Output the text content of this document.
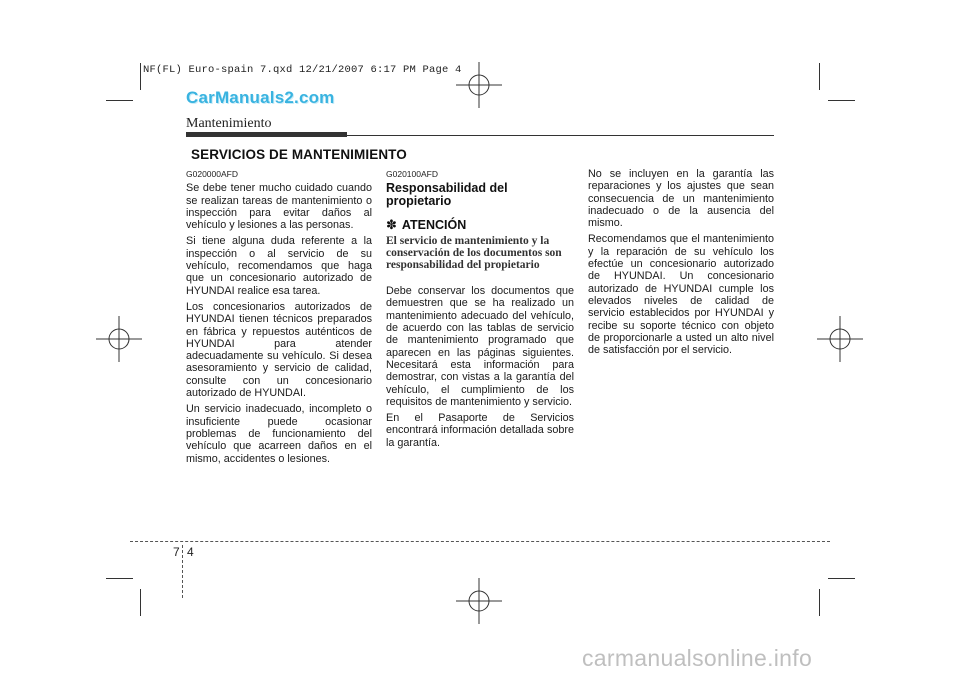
NF(FL) Euro-spain 7.qxd 12/21/2007 6:17 PM Page 4
CarManuals2.com
Mantenimiento
SERVICIOS DE MANTENIMIENTO
G020000AFD

Se debe tener mucho cuidado cuando se realizan tareas de mantenimiento o inspección para evitar daños al vehículo y lesiones a las personas.

Si tiene alguna duda referente a la inspección o al servicio de su vehículo, recomendamos que haga que un concesionario autorizado de HYUNDAI realice esa tarea.

Los concesionarios autorizados de HYUNDAI tienen técnicos preparados en fábrica y repuestos auténticos de HYUNDAI para atender adecuadamente su vehículo. Si desea asesoramiento y servicio de calidad, consulte con un concesionario autorizado de HYUNDAI.

Un servicio inadecuado, incompleto o insuficiente puede ocasionar problemas de funcionamiento del vehículo que acarreen daños en el mismo, accidentes o lesiones.

G020100AFD
Responsabilidad del propietario
✽ ATENCIÓN
El servicio de mantenimiento y la conservación de los documentos son responsabilidad del propietario

Debe conservar los documentos que demuestren que se ha realizado un mantenimiento adecuado del vehículo, de acuerdo con las tablas de servicio de mantenimiento programado que aparecen en las páginas siguientes. Necesitará esta información para demostrar, con vistas a la garantía del vehículo, el cumplimiento de los requisitos de mantenimiento y servicio.

En el Pasaporte de Servicios encontrará información detallada sobre la garantía.

No se incluyen en la garantía las reparaciones y los ajustes que sean consecuencia de un mantenimiento inadecuado o de la ausencia del mismo.

Recomendamos que el mantenimiento y la reparación de su vehículo los efectúe un concesionario autorizado de HYUNDAI. Un concesionario autorizado de HYUNDAI cumple los elevados niveles de calidad de servicio establecidos por HYUNDAI y recibe su soporte técnico con objeto de proporcionarle a usted un alto nivel de satisfacción por el servicio.

7 4
carmanualsonline.info
